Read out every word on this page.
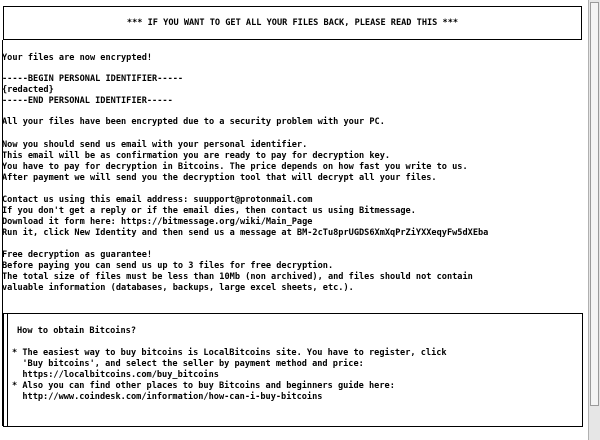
*** IF YOU WANT TO GET ALL YOUR FILES BACK, PLEASE READ THIS ***
Your files are now encrypted!
-----BEGIN PERSONAL IDENTIFIER-----
{redacted}
-----END PERSONAL IDENTIFIER-----
All your files have been encrypted due to a security problem with your PC.
Now you should send us email with your personal identifier.
This email will be as confirmation you are ready to pay for decryption key.
You have to pay for decryption in Bitcoins. The price depends on how fast you write to us.
After payment we will send you the decryption tool that will decrypt all your files.
Contact us using this email address: suupport@protonmail.com
If you don't get a reply or if the email dies, then contact us using Bitmessage.
Download it form here: https://bitmessage.org/wiki/Main_Page
Run it, click New Identity and then send us a message at BM-2cTu8prUGDS6XmXqPrZiYXXeqyFw5dXEba
Free decryption as guarantee!
Before paying you can send us up to 3 files for free decryption.
The total size of files must be less than 10Mb (non archived), and files should not contain
valuable information (databases, backups, large excel sheets, etc.).
How to obtain Bitcoins?
* The easiest way to buy bitcoins is LocalBitcoins site. You have to register, click
'Buy bitcoins', and select the seller by payment method and price:
https://localbitcoins.com/buy_bitcoins
* Also you can find other places to buy Bitcoins and beginners guide here:
http://www.coindesk.com/information/how-can-i-buy-bitcoins
